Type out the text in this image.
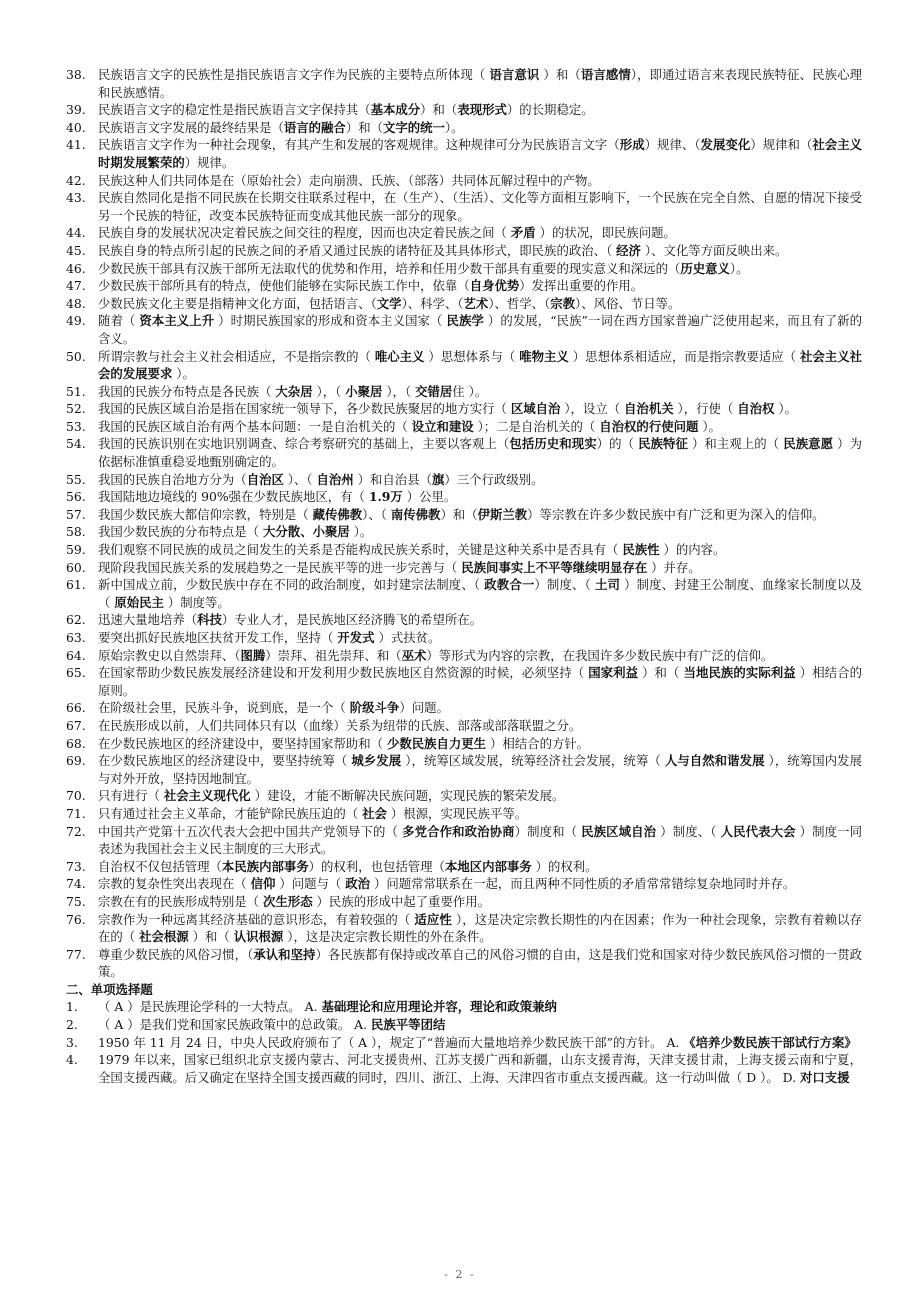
38. 民族语言文字的民族性是指民族语言文字作为民族的主要特点所体现（ 语言意识 ）和（语言感情），即通过语言来表现民族特征、民族心理和民族感情。
39. 民族语言文字的稳定性是指民族语言文字保持其（基本成分）和（表现形式）的长期稳定。
40. 民族语言文字发展的最终结果是（语言的融合）和（文字的统一）。
41. 民族语言文字作为一种社会现象，有其产生和发展的客观规律。这种规律可分为民族语言文字（形成）规律、（发展变化）规律和（社会主义时期发展繁荣的）规律。
42. 民族这种人们共同体是在（原始社会）走向崩溃、氏族、（部落）共同体瓦解过程中的产物。
43. 民族自然同化是指不同民族在长期交往联系过程中，在（生产）、（生活）、文化等方面相互影响下，一个民族在完全自然、自愿的情况下接受另一个民族的特征，改变本民族特征而变成其他民族一部分的现象。
44. 民族自身的发展状况决定着民族之间交往的程度，因而也决定着民族之间（ 矛盾 ）的状况，即民族问题。
45. 民族自身的特点所引起的民族之间的矛盾又通过民族的诸特征及其具体形式，即民族的政治、（ 经济 ）、文化等方面反映出来。
46. 少数民族干部具有汉族干部所无法取代的优势和作用，培养和任用少数干部具有重要的现实意义和深远的（历史意义）。
47. 少数民族干部所具有的特点，使他们能够在实际民族工作中，依靠（自身优势）发挥出重要的作用。
48. 少数民族文化主要是指精神文化方面，包括语言、（文学）、科学、（艺术）、哲学、（宗教）、风俗、节日等。
49. 随着（ 资本主义上升 ）时期民族国家的形成和资本主义国家（ 民族学 ）的发展，“民族”一词在西方国家普遍广泛使用起来，而且有了新的含义。
50. 所谓宗教与社会主义社会相适应，不是指宗教的（ 唯心主义 ）思想体系与（ 唯物主义 ）思想体系相适应，而是指宗教要适应（ 社会主义社会的发展要求 ）。
51. 我国的民族分布特点是各民族（ 大杂居 ），（ 小聚居 ），（ 交错居住 ）。
52. 我国的民族区域自治是指在国家统一领导下，各少数民族聚居的地方实行（ 区域自治 ），设立（ 自治机关 ），行使（ 自治权 ）。
53. 我国的民族区域自治有两个基本问题：一是自治机关的（ 设立和建设 ）；二是自治机关的（ 自治权的行使问题 ）。
54. 我国的民族识别在实地识别调查、综合考察研究的基础上，主要以客观上（包括历史和现实）的（ 民族特征 ）和主观上的（ 民族意愿 ）为依据标准慎重稳妥地甄别确定的。
55. 我国的民族自治地方分为（自治区 ）、（ 自治州 ）和自治县（旗）三个行政级别。
56. 我国陆地边境线的 90%强在少数民族地区，有（ 1.9万 ）公里。
57. 我国少数民族大都信仰宗教，特别是（ 藏传佛教）、（ 南传佛教）和（伊斯兰教）等宗教在许多少数民族中有广泛和更为深入的信仰。
58. 我国少数民族的分布特点是（ 大分散、小聚居 ）。
59. 我们观察不同民族的成员之间发生的关系是否能构成民族关系时，关键是这种关系中是否具有（ 民族性 ）的内容。
60. 现阶段我国民族关系的发展趋势之一是民族平等的进一步完善与（ 民族间事实上不平等继续明显存在 ）并存。
61. 新中国成立前，少数民族中存在不同的政治制度，如封建宗法制度、（ 政教合一）制度、（ 土司 ）制度、封建王公制度、血缘家长制度以及（ 原始民主 ）制度等。
62. 迅速大量地培养（科技）专业人才，是民族地区经济腾飞的希望所在。
63. 要突出抓好民族地区扶贫开发工作，坚持（ 开发式 ）式扶贫。
64. 原始宗教史以自然崇拜、（图腾）崇拜、祖先崇拜、和（巫术）等形式为内容的宗教，在我国许多少数民族中有广泛的信仰。
65. 在国家帮助少数民族发展经济建设和开发利用少数民族地区自然资源的时候，必须坚持（ 国家利益 ）和（ 当地民族的实际利益 ）相结合的原则。
66. 在阶级社会里，民族斗争，说到底，是一个（ 阶级斗争）问题。
67. 在民族形成以前，人们共同体只有以（血缘）关系为纽带的氏族、部落或部落联盟之分。
68. 在少数民族地区的经济建设中，要坚持国家帮助和（ 少数民族自力更生 ）相结合的方针。
69. 在少数民族地区的经济建设中，要坚持统筹（ 城乡发展 ），统筹区域发展，统筹经济社会发展，统筹（ 人与自然和谐发展 ），统筹国内发展与对外开放，坚持因地制宜。
70. 只有进行（ 社会主义现代化 ）建设，才能不断解决民族问题，实现民族的繁荣发展。
71. 只有通过社会主义革命，才能铲除民族压迫的（ 社会 ）根源，实现民族平等。
72. 中国共产党第十五次代表大会把中国共产党领导下的（ 多党合作和政治协商）制度和（ 民族区域自治 ）制度、（ 人民代表大会 ）制度一同表述为我国社会主义民主制度的三大形式。
73. 自治权不仅包括管理（本民族内部事务）的权利，也包括管理（本地区内部事务 ）的权利。
74. 宗教的复杂性突出表现在（ 信仰 ）问题与（ 政治 ）问题常常联系在一起，而且两种不同性质的矛盾常常错综复杂地同时并存。
75. 宗教在有的民族形成特别是（ 次生形态 ）民族的形成中起了重要作用。
76. 宗教作为一种远离其经济基础的意识形态，有着较强的（ 适应性 ），这是决定宗教长期性的内在因素；作为一种社会现象，宗教有着赖以存在的（ 社会根源 ）和（ 认识根源 ），这是决定宗教长期性的外在条件。
77. 尊重少数民族的风俗习惯，（承认和坚持）各民族都有保持或改革自己的风俗习惯的自由，这是我们党和国家对待少数民族风俗习惯的一贯政策。
二、单项选择题
1.	（ A ）是民族理论学科的一大特点。 A. 基础理论和应用理论并容，理论和政策兼纳
2.	（ A ）是我们党和国家民族政策中的总政策。 A. 民族平等团结
3.	1950 年 11 月 24 日，中央人民政府颁布了（ A ），规定了“普遍而大量地培养少数民族干部”的方针。 A. 《培养少数民族干部试行方案》
4.	1979 年以来，国家已组织北京支援内蒙古、河北支援贵州、江苏支援广西和新疆，山东支援青海，天津支援甘肃，上海支援云南和宁夏，全国支援西藏。后又确定在坚持全国支援西藏的同时，四川、浙江、上海、天津四省市重点支援西藏。这一行动叫做（ D ）。 D. 对口支援
- 2 -
